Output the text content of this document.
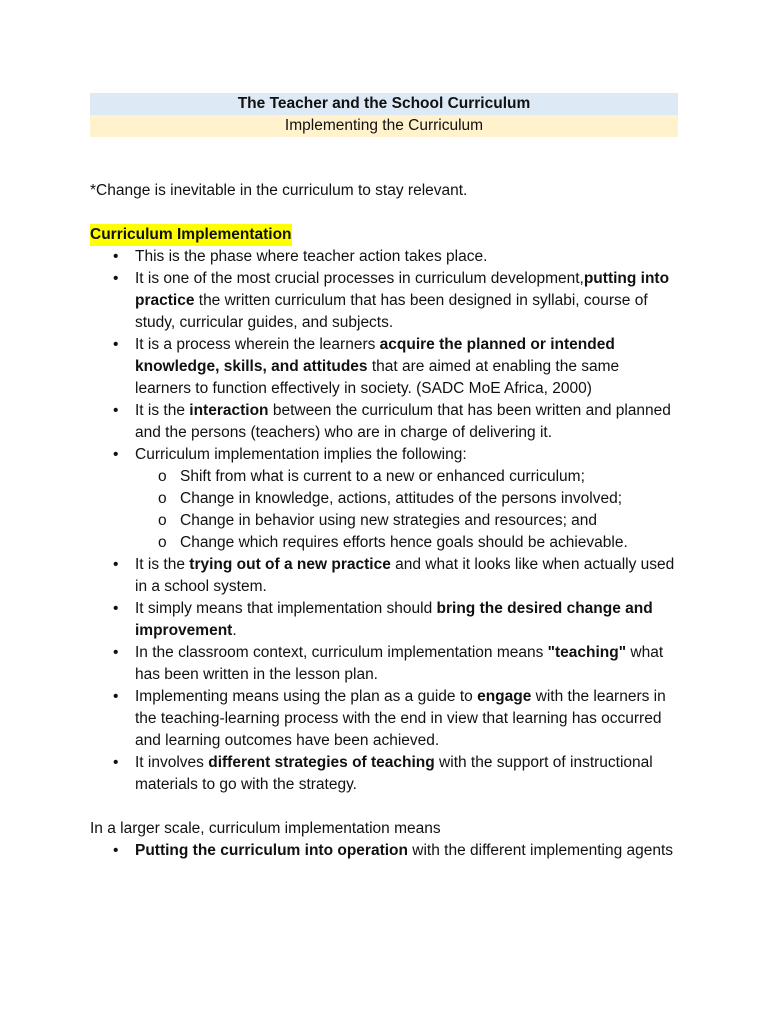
The Teacher and the School Curriculum
Implementing the Curriculum
*Change is inevitable in the curriculum to stay relevant.
Curriculum Implementation
• This is the phase where teacher action takes place.
• It is one of the most crucial processes in curriculum development,putting into practice the written curriculum that has been designed in syllabi, course of study, curricular guides, and subjects.
• It is a process wherein the learners acquire the planned or intended knowledge, skills, and attitudes that are aimed at enabling the same learners to function effectively in society. (SADC MoE Africa, 2000)
• It is the interaction between the curriculum that has been written and planned and the persons (teachers) who are in charge of delivering it.
• Curriculum implementation implies the following:
o Shift from what is current to a new or enhanced curriculum;
o Change in knowledge, actions, attitudes of the persons involved;
o Change in behavior using new strategies and resources; and
o Change which requires efforts hence goals should be achievable.
• It is the trying out of a new practice and what it looks like when actually used in a school system.
• It simply means that implementation should bring the desired change and improvement.
• In the classroom context, curriculum implementation means "teaching" what has been written in the lesson plan.
• Implementing means using the plan as a guide to engage with the learners in the teaching-learning process with the end in view that learning has occurred and learning outcomes have been achieved.
• It involves different strategies of teaching with the support of instructional materials to go with the strategy.
In a larger scale, curriculum implementation means
• Putting the curriculum into operation with the different implementing agents
